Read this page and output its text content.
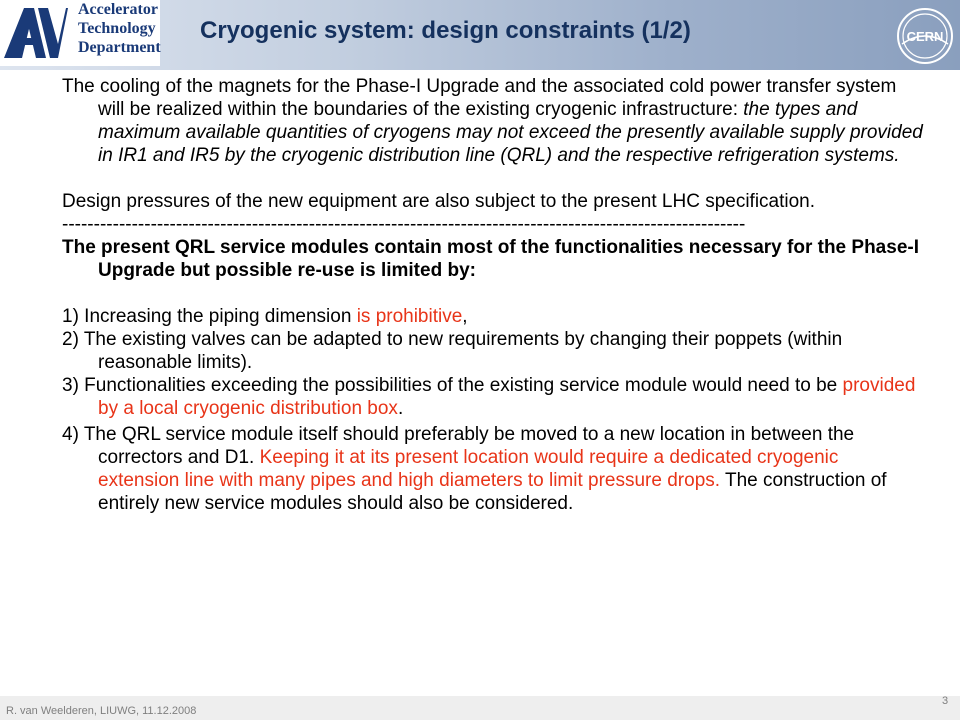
Accelerator
Technology
Department
Cryogenic system: design constraints (1/2)	CERN

The cooling of the magnets for the Phase-I Upgrade and the associated cold power transfer system will be realized within the boundaries of the existing cryogenic infrastructure: the types and maximum available quantities of cryogens may not exceed the presently available supply provided in IR1 and IR5 by the cryogenic distribution line (QRL) and the respective refrigeration systems.

Design pressures of the new equipment are also subject to the present LHC specification.

------------------------------------------------------------------------------------------------------------

The present QRL service modules contain most of the functionalities necessary for the Phase-I Upgrade but possible re-use is limited by:

1) Increasing the piping dimension is prohibitive,

2) The existing valves can be adapted to new requirements by changing their poppets (within reasonable limits).

3) Functionalities exceeding the possibilities of the existing service module would need to be provided by a local cryogenic distribution box.

4) The QRL service module itself should preferably be moved to a new location in between the correctors and D1. Keeping it at its present location would require a dedicated cryogenic extension line with many pipes and high diameters to limit pressure drops. The construction of entirely new service modules should also be considered.

R. van Weelderen, LIUWG, 11.12.2008
3
